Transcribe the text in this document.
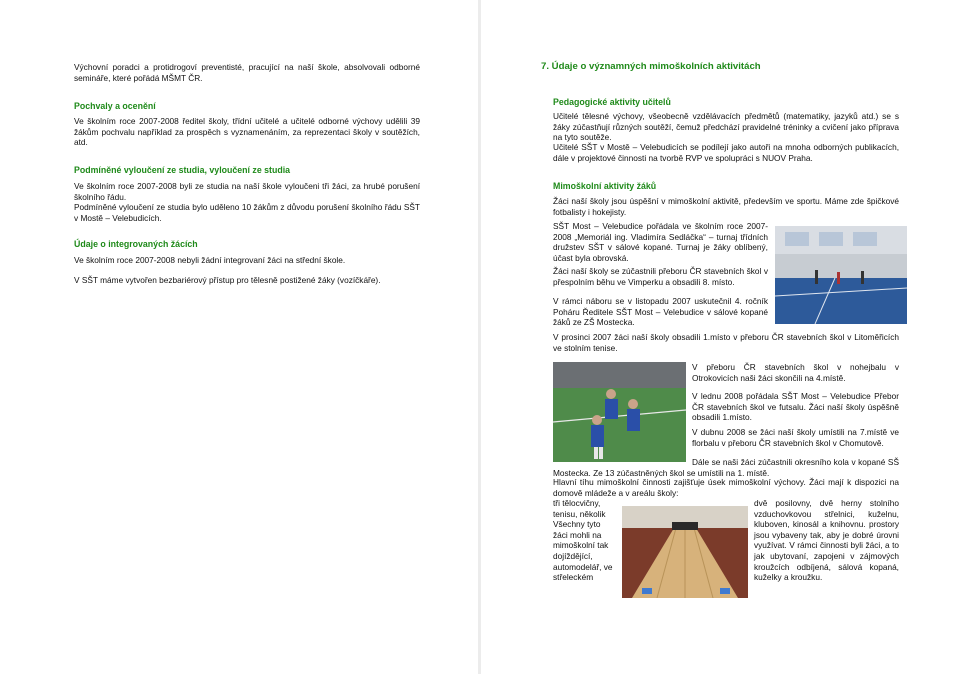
Výchovní poradci a protidrogoví preventisté, pracující na naší škole, absolvovali odborné semináře, které pořádá MŠMT ČR.
Pochvaly a ocenění
Ve školním roce 2007-2008 ředitel školy, třídní učitelé a učitelé odborné výchovy udělili 39 žákům pochvalu například za prospěch s vyznamenáním, za reprezentaci školy v soutěžích, atd.
Podmíněné vyloučení ze studia, vyloučení ze studia
Ve školním roce 2007-2008 byli ze studia na naší škole vyloučeni tři žáci, za hrubé porušení školního řádu.
Podmíněné vyloučení ze studia bylo uděleno 10 žákům z důvodu porušení školního řádu SŠT v Mostě – Velebudicích.
Údaje o integrovaných žácích
Ve školním roce 2007-2008 nebyli žádní integrovaní žáci na střední škole.
V SŠT máme vytvořen bezbariérový přístup pro tělesně postižené žáky (vozíčkáře).
7. Údaje o významných mimoškolních aktivitách
Pedagogické aktivity učitelů
Učitelé tělesné výchovy, všeobecně vzdělávacích předmětů (matematiky, jazyků atd.) se s žáky zúčastňují různých soutěží, čemuž předchází pravidelné tréninky a cvičení jako příprava na tyto soutěže.
Učitelé SŠT v Mostě – Velebudicích se podílejí jako autoři na mnoha odborných publikacích, dále v projektové činnosti na tvorbě RVP ve spolupráci s NUOV Praha.
Mimoškolní aktivity žáků
Žáci naší školy jsou úspěšní v mimoškolní aktivitě, především ve sportu. Máme zde špičkové fotbalisty i hokejisty.
SŠT Most – Velebudice pořádala ve školním roce 2007-2008 „Memoriál ing. Vladimíra Sedláčka“ – turnaj třídních družstev SŠT v sálové kopané. Turnaj je žáky oblíbený, účast byla obrovská.
Žáci naší školy se zúčastnili přeboru ČR stavebních škol v přespolním běhu ve Vimperku a obsadili 8. místo.
V rámci náboru se v listopadu 2007 uskutečnil 4. ročník Poháru Ředitele SŠT Most – Velebudice v sálové kopané žáků ze ZŠ Mostecka.
V prosinci 2007 žáci naší školy obsadili 1.místo v přeboru ČR stavebních škol v Litoměřicích ve stolním tenise.
V přeboru ČR stavebních škol v nohejbalu v Otrokovicích naši žáci skončili na 4.místě.
V lednu 2008 pořádala SŠT Most – Velebudice Přebor ČR stavebních škol ve futsalu. Žáci naší školy úspěšně obsadili 1.místo.
V dubnu 2008 se žáci naší školy umístili na 7.místě ve florbalu v přeboru ČR stavebních škol v Chomutově.
Dále se naši žáci zúčastnili okresního kola v kopané SŠ Mostecka. Ze 13 zúčastněných škol se umístili na 1. místě.
Hlavní tíhu mimoškolní činnosti zajišťuje úsek mimoškolní výchovy. Žáci mají k dispozici na domově mládeže a v areálu školy:
tři tělocvičny, tenisu, několik Všechny tyto žáci mohli na mimoškolní tak dojíždějící, automodelář, ve střeleckém
dvě posilovny, dvě herny stolního vzduchovkovou střelnici, kuželnu, kluboven, kinosál a knihovnu. prostory jsou vybaveny tak, aby je dobré úrovni využívat. V rámci činnosti byli žáci, a to jak ubytovaní, zapojeni v zájmových kroužcích odbíjená, sálová kopaná, kuželky a kroužku.
